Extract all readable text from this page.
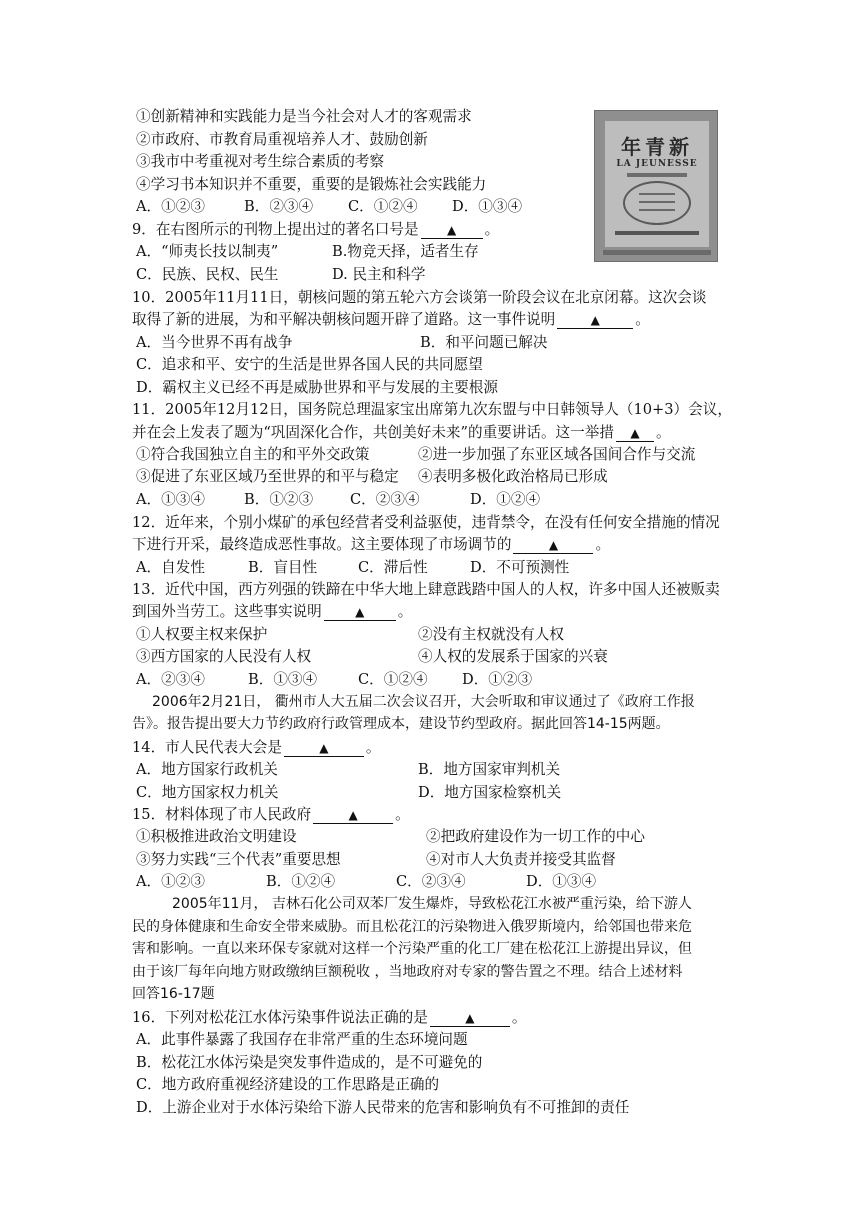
①创新精神和实践能力是当今社会对人才的客观需求
②市政府、市教育局重视培养人才、鼓励创新
③我市中考重视对考生综合素质的考察
④学习书本知识并不重要，重要的是锻炼社会实践能力
A．①②③	B．②③④ C．①②④ D．①③④
年青新
LA JEUNESSE
9．在右图所示的刊物上提出过的著名口号是 ▲ 。
A．“师夷长技以制夷”	B.物竞天择，适者生存
C．民族、民权、民生	D. 民主和科学
10．2005年11月11日，朝核问题的第五轮六方会谈第一阶段会议在北京闭幕。这次会谈
取得了新的进展，为和平解决朝核问题开辟了道路。这一事件说明	▲ 。
A．当今世界不再有战争	B．和平问题已解决
C．追求和平、安宁的生活是世界各国人民的共同愿望
D．霸权主义已经不再是威胁世界和平与发展的主要根源
11．2005年12月12日，国务院总理温家宝出席第九次东盟与中日韩领导人（10+3）会议，
并在会上发表了题为“巩固深化合作，共创美好未来”的重要讲话。这一举措 ▲ 。
①符合我国独立自主的和平外交政策	②进一步加强了东亚区域各国间合作与交流
③促进了东亚区域乃至世界的和平与稳定 ④表明多极化政治格局已形成
A．①③④	B．①②③	C．②③④	D．①②④
12．近年来，个别小煤矿的承包经营者受利益驱使，违背禁令，在没有任何安全措施的情况
下进行开采，最终造成恶性事故。这主要体现了市场调节的	▲	。
A．自发性	B．盲目性	C．滞后性	D．不可预测性
13．近代中国，西方列强的铁蹄在中华大地上肆意践踏中国人的人权，许多中国人还被贩卖
到国外当劳工。这些事实说明	▲ 。
①人权要主权来保护	②没有主权就没有人权
③西方国家的人民没有人权	④人权的发展系于国家的兴衰
A．②③④	B．①③④	C．①②④ D．①②③
2006年2月21日， 衢州市人大五届二次会议召开，大会听取和审议通过了《政府工作报
告》。报告提出要大力节约政府行政管理成本，建设节约型政府。据此回答14-15两题。
14．市人民代表大会是	▲	。
A．地方国家行政机关	B．地方国家审判机关
C．地方国家权力机关	D．地方国家检察机关
15．材料体现了市人民政府	▲	。
①积极推进政治文明建设	②把政府建设作为一切工作的中心
③努力实践“三个代表”重要思想	④对市人大负责并接受其监督
A．①②③	B．①②④	C．②③④	D．①③④
2005年11月， 吉林石化公司双苯厂发生爆炸，导致松花江水被严重污染，给下游人
民的身体健康和生命安全带来威胁。而且松花江的污染物进入俄罗斯境内，给邻国也带来危
害和影响。一直以来环保专家就对这样一个污染严重的化工厂建在松花江上游提出异议，但
由于该厂每年向地方财政缴纳巨额税收 ，当地政府对专家的警告置之不理。结合上述材料
回答16-17题
16．下列对松花江水体污染事件说法正确的是	▲	。
A．此事件暴露了我国存在非常严重的生态环境问题
B．松花江水体污染是突发事件造成的，是不可避免的
C．地方政府重视经济建设的工作思路是正确的
D．上游企业对于水体污染给下游人民带来的危害和影响负有不可推卸的责任
